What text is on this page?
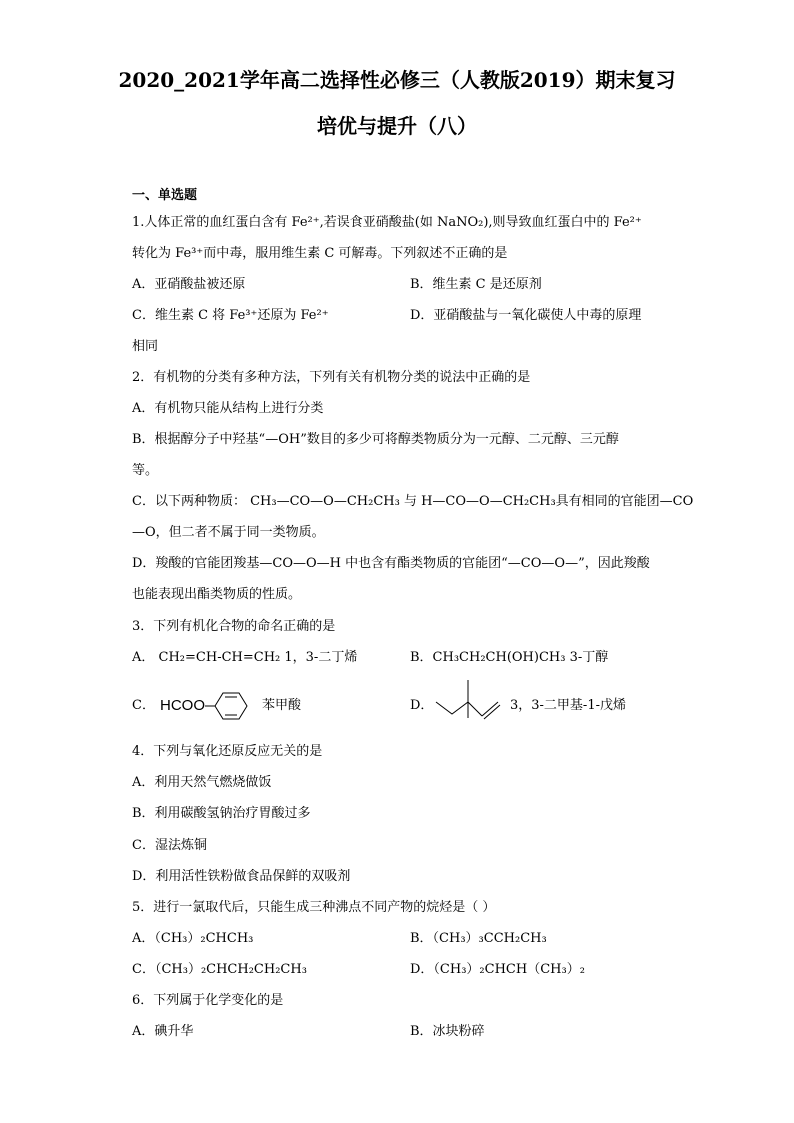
2020_2021学年高二选择性必修三（人教版2019）期末复习
培优与提升（八）
一、单选题
1.人体正常的血红蛋白含有 Fe²⁺,若误食亚硝酸盐(如 NaNO₂),则导致血红蛋白中的 Fe²⁺
转化为 Fe³⁺而中毒，服用维生素 C 可解毒。下列叙述不正确的是
A．亚硝酸盐被还原	B．维生素 C 是还原剂
C．维生素 C 将 Fe³⁺还原为 Fe²⁺	D．亚硝酸盐与一氧化碳使人中毒的原理
相同
2．有机物的分类有多种方法，下列有关有机物分类的说法中正确的是
A．有机物只能从结构上进行分类
B．根据醇分子中羟基“—OH”数目的多少可将醇类物质分为一元醇、二元醇、三元醇
等。
C．以下两种物质： CH₃—CO—O—CH₂CH₃ 与 H—CO—O—CH₂CH₃具有相同的官能团—CO
—O，但二者不属于同一类物质。
D．羧酸的官能团羧基—CO—O—H 中也含有酯类物质的官能团“—CO—O—”，因此羧酸
也能表现出酯类物质的性质。
3．下列有机化合物的命名正确的是
A． CH₂=CH-CH=CH₂ 1，3-二丁烯	B．CH₃CH₂CH(OH)CH₃ 3-丁醇
C． HCOO	苯甲酸	D．	3，3-二甲基-1-戊烯
4．下列与氧化还原反应无关的是
A．利用天然气燃烧做饭
B．利用碳酸氢钠治疗胃酸过多
C．湿法炼铜
D．利用活性铁粉做食品保鲜的双吸剂
5．进行一氯取代后，只能生成三种沸点不同产物的烷烃是（ ）
A．（CH₃）₂CHCH₃	B．（CH₃）₃CCH₂CH₃
C．（CH₃）₂CHCH₂CH₂CH₃	D．（CH₃）₂CHCH（CH₃）₂
6．下列属于化学变化的是
A．碘升华	B．冰块粉碎
